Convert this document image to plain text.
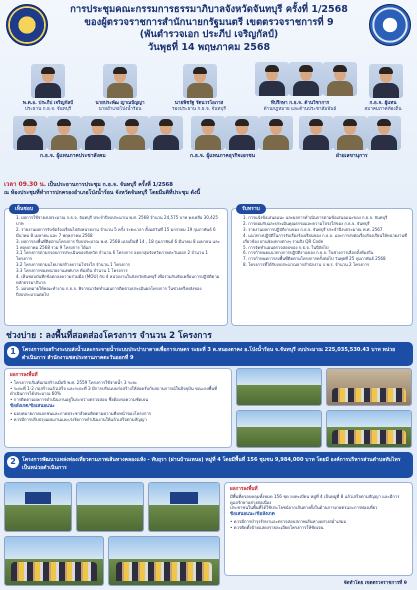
การประชุมคณะกรรมการธรรมาภิบาลจังหวัดจันทบุรี ครั้งที่ 1/2568
ของผู้ตรวจราชการสำนักนายกรัฐมนตรี เขตตรวจราชการที่ 9
(พันตำรวจเอก ประภีป เจริญกัลป์)
วันพุธที่ 14 พฤษภาคม 2568
พ.ต.อ. ประภีป เจริญกัลป์
ประธาน ก.ธ.จ. จันทบุรี
นายประพัฒ ญาณปัญญา
นายอำเภอโป่งน้ำร้อน
นายพิชรัฐ รัตนวรโอภาส
รองประธาน ก.ธ.จ. จันทบุรี
ทีปรึกษา ก.ธ.จ. ด้านวิชาการ
ด้านกฎหมาย และด้านประชาสัมพันธ์
ก.ธ.จ. ผู้แทน
สมาคมภาคท้องถิ่น
ก.ธ.จ. ผู้แทนภาคประชาสังคม	ก.ธ.จ. ผู้แทนภาคธุรกิจเอกชน	ฝ่ายเลขานุการ
เวลา 09.30 น. เป็นประธานการประชุม ก.ธ.จ. จันทบุรี ครั้งที่ 1/2568
ณ ห้องประชุมที่ทำการปกครองอำเภอโป่งน้ำร้อน จังหวัดจันทบุรี โดยมีมติที่ประชุม ดังนี้
เห็นชอบ
1. ผลการใช้จ่ายงบประมาณ ก.ธ.จ. จันทบุรี ประจำปีงบประมาณ พ.ศ. 2568 จำนวน 24,575 บาท คงเหลือ 30,425 บาท
2. รายงานผลการรับข้อร้องเรียนไปยังหน่วยงาน จำนวน 5 ครั้ง ระยะเวลา ตั้งแต่วันที่ 15 มกราคม 19 กุมภาพันธ์ 6 มีนาคม 8 เมษายน และ 7 พฤษภาคม 2568
3. ผลการลงพื้นที่ติดตามโครงการ ปีงบประมาณ พ.ศ. 2568 แบ่งเป็นที่ 14 , 18 กุมภาพันธ์ 6 มีนาคม 8 เมษายน และ 1 พฤษภาคม 2568 รวม 9 โครงการ ได้แก่
3.1 โครงการตามกรอบการประเมินของจังหวัด จำนวน 6 โครงการ ออกกลุ่มจังหวัดภาคตะวันออก 2 จำนวน 1 โครงการ
3.2 โครงการตามนโยบายสร้างความโปร่งใส จำนวน 1 โครงการ
3.3 โครงการของหน่วยงานเทศบาล ท้องถิ่น จำนวน 1 โครงการ
4. เห็นชอบบันทึกข้อตกลงความร่วมมือ (MOU) กับ 4 หน่วยงานในจังหวัดจันทบุรี เพื่อร่วมกันขับเคลื่อนการปฏิบัติตามหลักธรรมาภิบาล
5. มอบหมายให้คณะทำงาน ก.ธ.จ. พิจารณาจัดทำแผนการติดตามประเมินผลโครงการ ในช่วงครึ่งหลังของปีงบประมาณต่อไป
รับทราบ
1. การแจ้งข้อเสนอแนะ และผลการดำเนินการตามข้อเสนอแนะของ ก.ธ.จ. จันทบุรี
2. การยอมรับและประเมินคุณธรรมและความโปร่งใสของ ก.ธ.จ. จันทบุรี
3. รายงานผลการปฏิบัติงานของ ก.ธ.จ. จันทบุรี ประจำปีงบประมาณ พ.ศ. 2567
4. แนวทางปฏิบัติในการรับเรื่องร้องเรียนของ ก.ธ.จ. และการส่งต่อเรื่องร้องเรียนให้หน่วยงานที่เกี่ยวข้อง ผ่านช่องทางต่างๆ รวมถึง QR Code
5. การจัดทำแผนตรวจสอบของ ก.ธ.จ. ในปีถัดไป
6. การกำหนดแนวทางการปฏิบัติงานของ ก.ธ.จ. ในช่วงการเลือกตั้งท้องถิ่น
7. การกำหนดการลงพื้นที่ติดตามโครงการครั้งต่อไป วันพุธที่ 25 กุมภาพันธ์ 2568
8. โครงการที่ได้รับงบประมาณจากสำนักงาน ก.พ.ร. จำนวน 2 โครงการ
ช่วงบ่าย : ลงพื้นที่สอดส่องโครงการ จำนวน 2 โครงการ
1	โครงการก่อสร้างระบบส่งน้ำและกระจายน้ำระบบประปาบาดาลเพื่อการเกษตร ระยะที่ 3 ต.หนองตาคง อ.โป่งน้ำร้อน จ.จันทบุรี งบประมาณ 225,035,530.43 บาท หน่วยดำเนินการ สำนักงานชลประทานภาคตะวันออกที่ 9
ผลการลงพื้นที่

• โครงการเริ่มต้นก่อสร้างเมื่อปี พ.ศ. 2559 โครงการใช้จ่ายน้ำ 3 ระยะ

• ระยะที่ 1-2 ก่อสร้างแล้วเสร็จ และระยะที่ 3 มีการปรับแบบก่อสร้างให้สอดรับกับสถานการณ์ในปัจจุบัน ขณะลงพื้นที่ดำเนินการได้ประมาณ 60%

• การติดตามผลการดำเนินงานอยู่ในระหว่างตรวจสอบ ซึ่งต้องรอความชัดเจน

ข้อสังเกต/ข้อเสนอแนะ

• มอบหมายภาคเอกชนและภาคประชาสังคมติดตามความคืบหน้าของโครงการ

• ควรมีการปรับปรุงแผนงานและเร่งรัดการดำเนินงานให้แล้วเสร็จตามสัญญา

2	โครงการพัฒนาแหล่งท่องเที่ยวตามภาพเส้นทางคลองแห้ง - ทับยุรา (ผ่านบ้านเหนอ) หมู่ที่ 4 โดยมีพื้นที่ 156 ชุมชน 9,984,000 บาท โดยมี องค์การบริหารส่วนตำบลทับไทรเป็นหน่วยดำเนินการ
ผลการลงพื้นที่

มีพื้นที่ครอบคลุมทั้งหมด 156 ชุด ลงทะเบียน หมู่ที่ 4 เป็นหมู่ที่ 8 แล้วเสร็จตามสัญญา และมีการดูแลรักษาอย่างต่อเนื่อง

ประชาชนในพื้นที่ได้ใช้ประโยชน์จากเส้นทางทั้งในด้านการเกษตรและการท่องเที่ยว

ข้อเสนอแนะ/ข้อสังเกต

• ควรมีการบำรุงรักษาและตรวจสอบสภาพเส้นทางอย่างสม่ำเสมอ

• ควรติดตั้งป้ายแสดงรายละเอียดโครงการให้ชัดเจน

จัดทำโดย เขตตรวจราชการที่ 9
